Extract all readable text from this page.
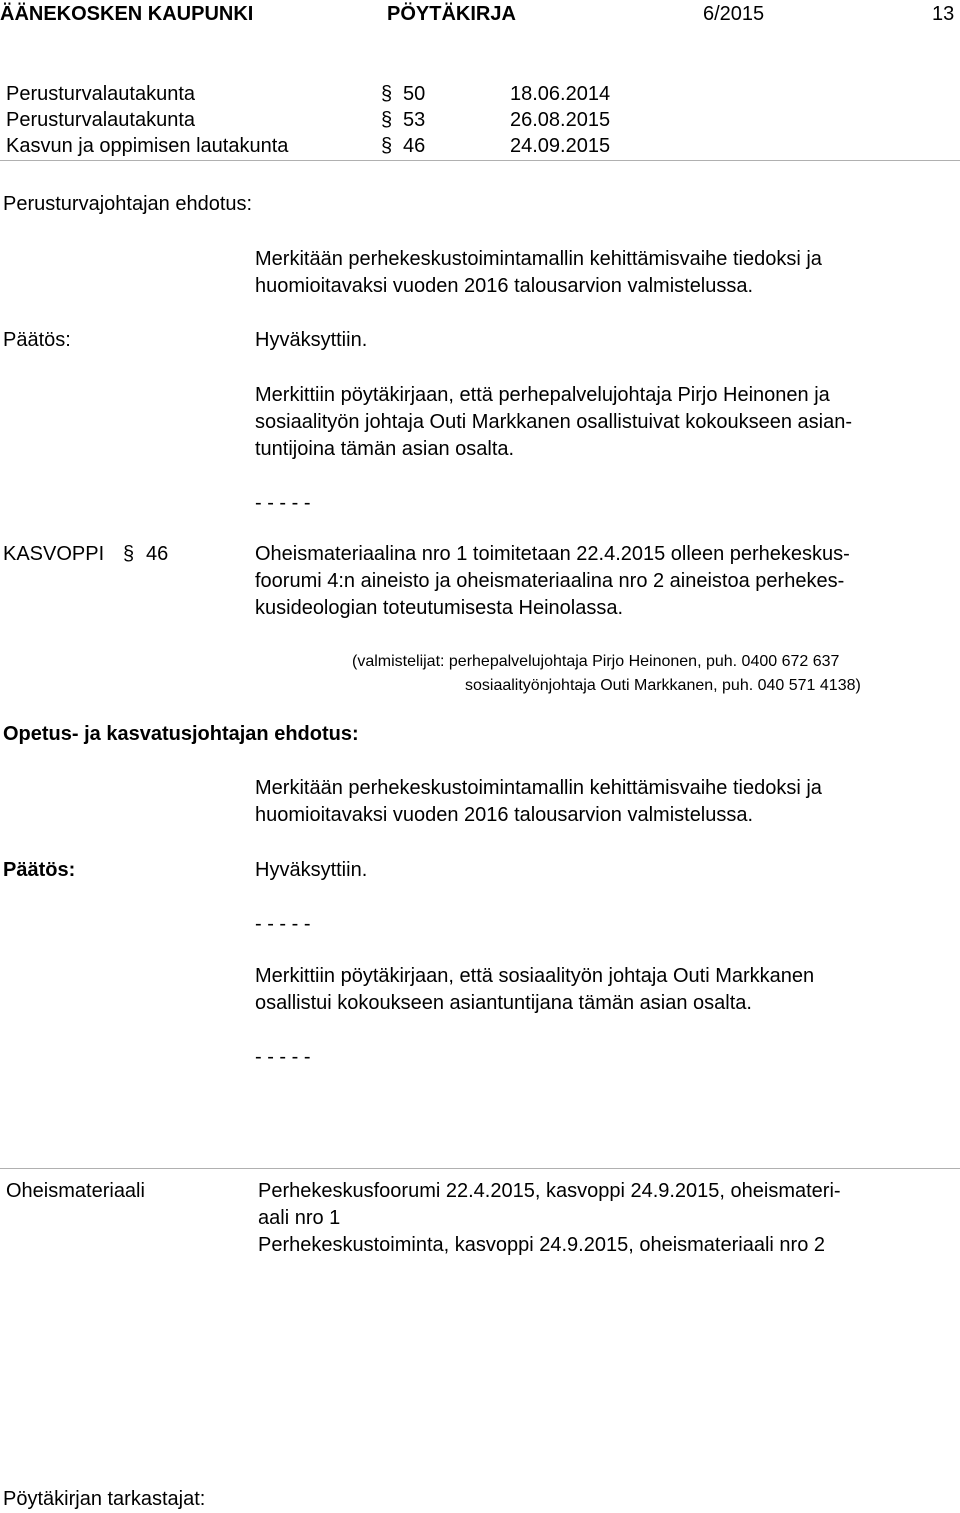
ÄÄNEKOSKEN KAUPUNKI	PÖYTÄKIRJA	6/2015	13
Perusturvalautakunta	§ 50	18.06.2014
Perusturvalautakunta	§ 53	26.08.2015
Kasvun ja oppimisen lautakunta	§ 46	24.09.2015
Perusturvajohtajan ehdotus:
Merkitään perhekeskustoimintamallin kehittämisvaihe tiedoksi ja
huomioitavaksi vuoden 2016 talousarvion valmistelussa.
Päätös:	Hyväksyttiin.
Merkittiin pöytäkirjaan, että perhepalvelujohtaja Pirjo Heinonen ja
sosiaalityön johtaja Outi Markkanen osallistuivat kokoukseen asian-
tuntijoina tämän asian osalta.
- - - - -
KASVOPPI § 46	Oheismateriaalina nro 1 toimitetaan 22.4.2015 olleen perhekeskus-
foorumi 4:n aineisto ja oheismateriaalina nro 2 aineistoa perhekes-
kusideologian toteutumisesta Heinolassa.
(valmistelijat: perhepalvelujohtaja Pirjo Heinonen, puh. 0400 672 637
sosiaalityönjohtaja Outi Markkanen, puh. 040 571 4138)
Opetus- ja kasvatusjohtajan ehdotus:
Merkitään perhekeskustoimintamallin kehittämisvaihe tiedoksi ja
huomioitavaksi vuoden 2016 talousarvion valmistelussa.
Päätös:	Hyväksyttiin.
- - - - -
Merkittiin pöytäkirjaan, että sosiaalityön johtaja Outi Markkanen
osallistui kokoukseen asiantuntijana tämän asian osalta.
- - - - -
Oheismateriaali	Perhekeskusfoorumi 22.4.2015, kasvoppi 24.9.2015, oheismateri-
aali nro 1
Perhekeskustoiminta, kasvoppi 24.9.2015, oheismateriaali nro 2
Pöytäkirjan tarkastajat:
